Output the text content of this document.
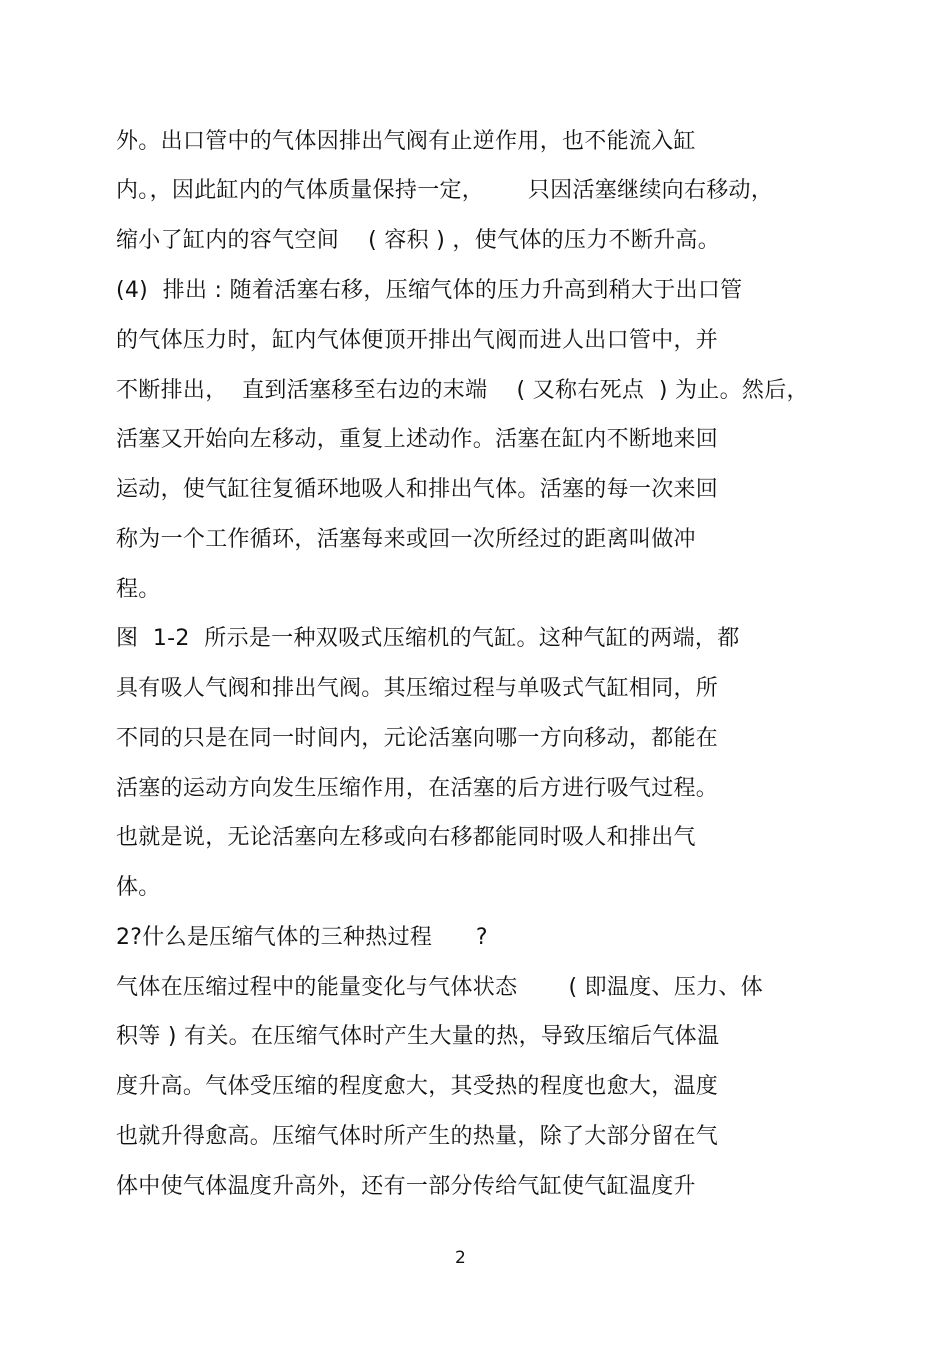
外。出口管中的气体因排出气阀有止逆作用，也不能流入缸
内。，因此缸内的气体质量保持一定，      只因活塞继续向右移动，
缩小了缸内的容气空间    ( 容积 ) ，使气体的压力不断升高。
(4)  排出 : 随着活塞右移，压缩气体的压力升高到稍大于出口管
的气体压力时，缸内气体便顶开排出气阀而进人出口管中，并
不断排出，  直到活塞移至右边的末端    ( 又称右死点  ) 为止。然后，
活塞又开始向左移动，重复上述动作。活塞在缸内不断地来回
运动，使气缸往复循环地吸人和排出气体。活塞的每一次来回
称为一个工作循环，活塞每来或回一次所经过的距离叫做冲
程。
图  1-2  所示是一种双吸式压缩机的气缸。这种气缸的两端，都
具有吸人气阀和排出气阀。其压缩过程与单吸式气缸相同，所
不同的只是在同一时间内，元论活塞向哪一方向移动，都能在
活塞的运动方向发生压缩作用，在活塞的后方进行吸气过程。
也就是说，无论活塞向左移或向右移都能同时吸人和排出气
体。
2?什么是压缩气体的三种热过程      ?
气体在压缩过程中的能量变化与气体状态       ( 即温度、压力、体
积等 ) 有关。在压缩气体时产生大量的热，导致压缩后气体温
度升高。气体受压缩的程度愈大，其受热的程度也愈大，温度
也就升得愈高。压缩气体时所产生的热量，除了大部分留在气
体中使气体温度升高外，还有一部分传给气缸使气缸温度升
2
